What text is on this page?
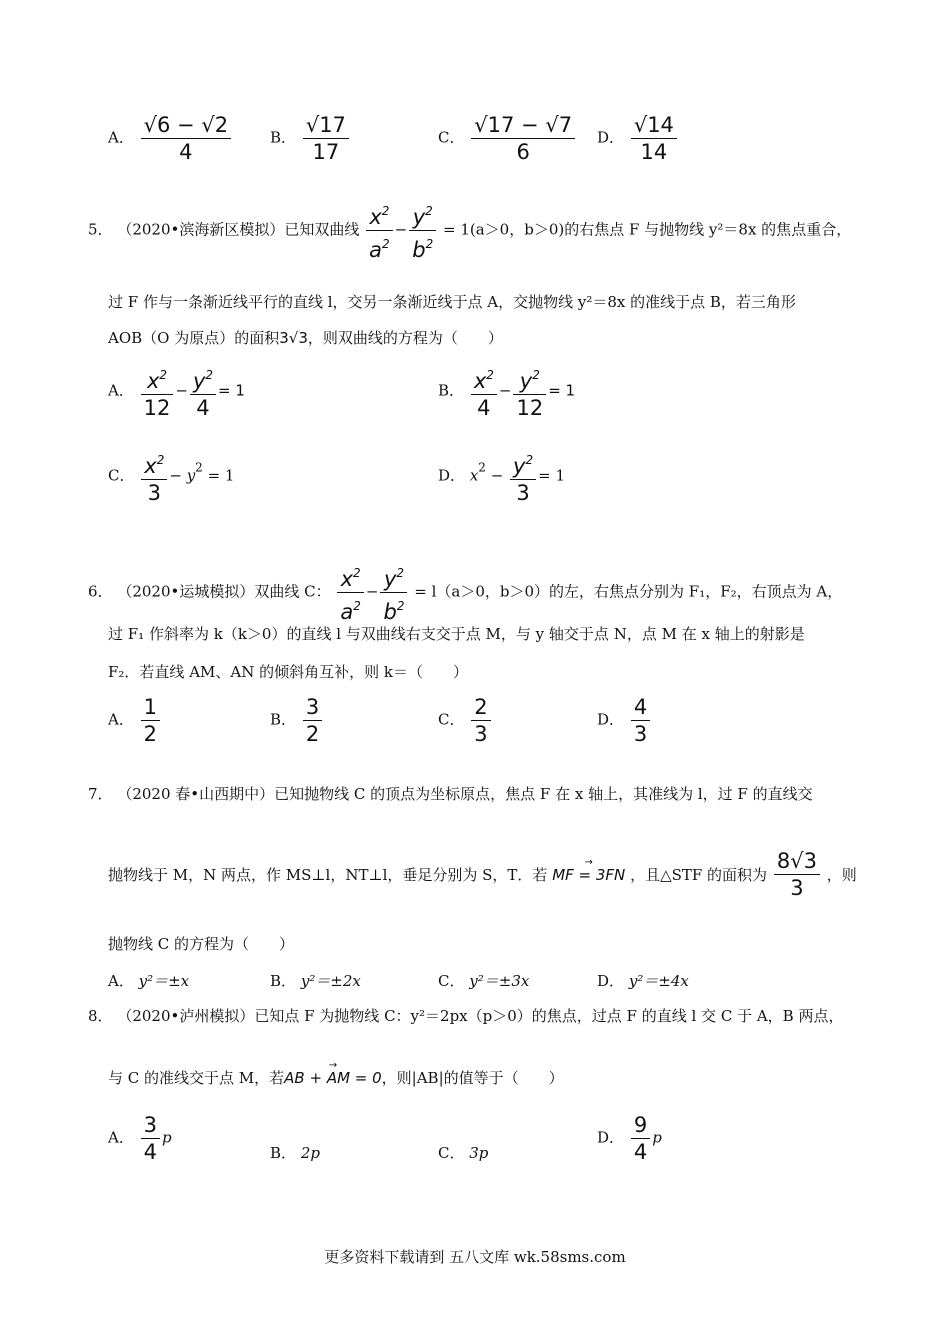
A． $\frac{√6 - √2}{4}$	B． $\frac{√17}{17}$	C． $\frac{√17 - √7}{6}$ D． $\frac{√14}{14}$
5． （2020•滨海新区模拟）已知双曲线 $\frac{x^2}{a^2} - \frac{y^2}{b^2} = 1(a>0$，b＞0)的右焦点 F 与抛物线 y²＝8x 的焦点重合，
过 F 作与一条渐近线平行的直线 l，交另一条渐近线于点 A，交抛物线 y²＝8x 的准线于点 B，若三角形
AOB（O 为原点）的面积3√3，则双曲线的方程为（　　）
A． $\frac{x^2}{12} - \frac{y^2}{4} = 1$	B． $\frac{x^2}{4} - \frac{y^2}{12} = 1$
C． $\frac{x^2}{3} - y^2 = 1$	D． $x^2 - \frac{y^2}{3} = 1$
6． （2020•运城模拟）双曲线 C： $\frac{x^2}{a^2} - \frac{y^2}{b^2} = l(a>0$，b＞0）的左，右焦点分别为 F₁，F₂，右顶点为 A，
过 F₁ 作斜率为 k（k＞0）的直线 l 与双曲线右支交于点 M，与 y 轴交于点 N，点 M 在 x 轴上的射影是
F₂．若直线 AM、AN 的倾斜角互补，则 k＝（　　）
A． $\frac{1}{2}$	B． $\frac{3}{2}$	C． $\frac{2}{3}$	D． $\frac{4}{3}$
7． （2020 春•山西期中）已知抛物线 C 的顶点为坐标原点，焦点 F 在 x 轴上，其准线为 l，过 F 的直线交
抛物线于 M，N 两点，作 MS⊥l，NT⊥l，垂足分别为 S，T．若 → MF = 3FN ，且△STF 的面积为 $\frac{8√3}{3}$ ，则
抛物线 C 的方程为（　　）
A． y²＝±x	B． y²＝±2x	C． y²＝±3x	D． y²＝±4x
8． （2020•泸州模拟）已知点 F 为抛物线 C：y²＝2px（p＞0）的焦点，过点 F 的直线 l 交 C 于 A，B 两点，
与 C 的准线交于点 M，若→ AB + AM = 0，则|AB|的值等于（　　）
A． $\frac{3}{4}$ p
B． 2p	C． 3p
D． $\frac{9}{4}$ p
更多资料下载请到 五八文库 wk.58sms.com
